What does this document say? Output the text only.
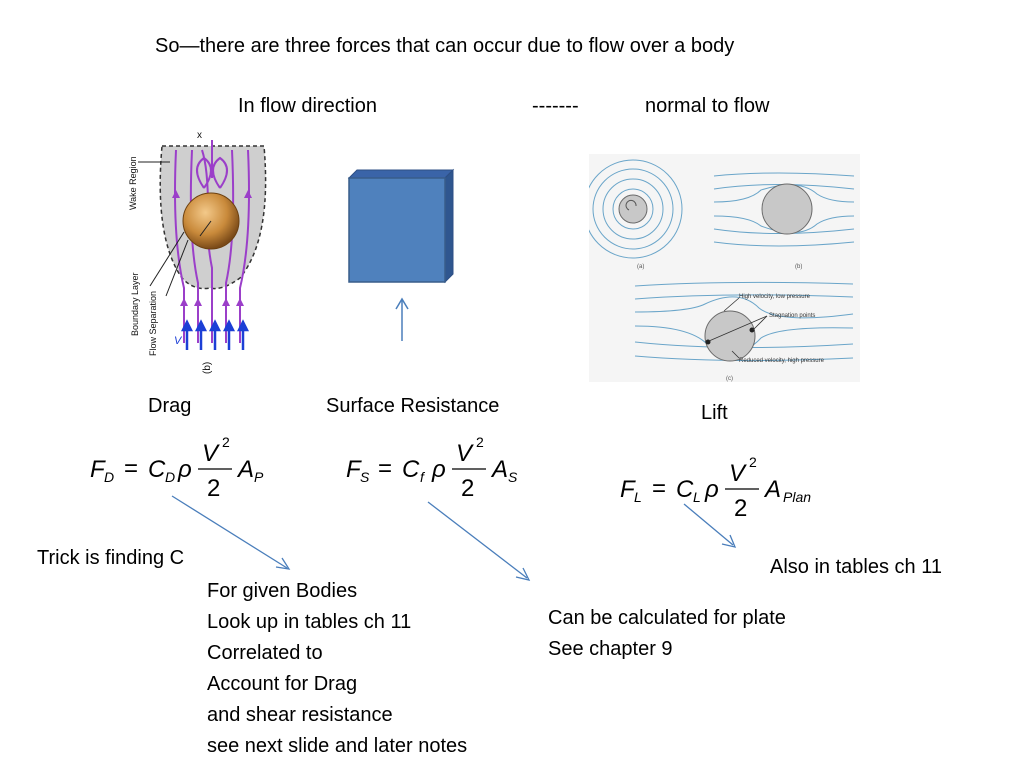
So—there are three forces that can occur due to flow over a body
In flow direction	-------	normal to flow
V
x
Wake Region
Boundary Layer Flow Separation
(b)
High velocity, low pressure
Stagnation points
Reduced velocity, high pressure
(a)	(b)
(c)
Drag	Surface Resistance	Lift
F D = C D ρ
V 2
2
A P	F S = C f ρ
V 2
2
A S	F L = C L ρ
V 2
2
A Plan
Trick is finding C
For given Bodies
Look up in tables ch 11
Correlated to
Account for Drag
and shear resistance
see next slide and later notes
Can be calculated for plate
See chapter 9
Also in tables ch 11
